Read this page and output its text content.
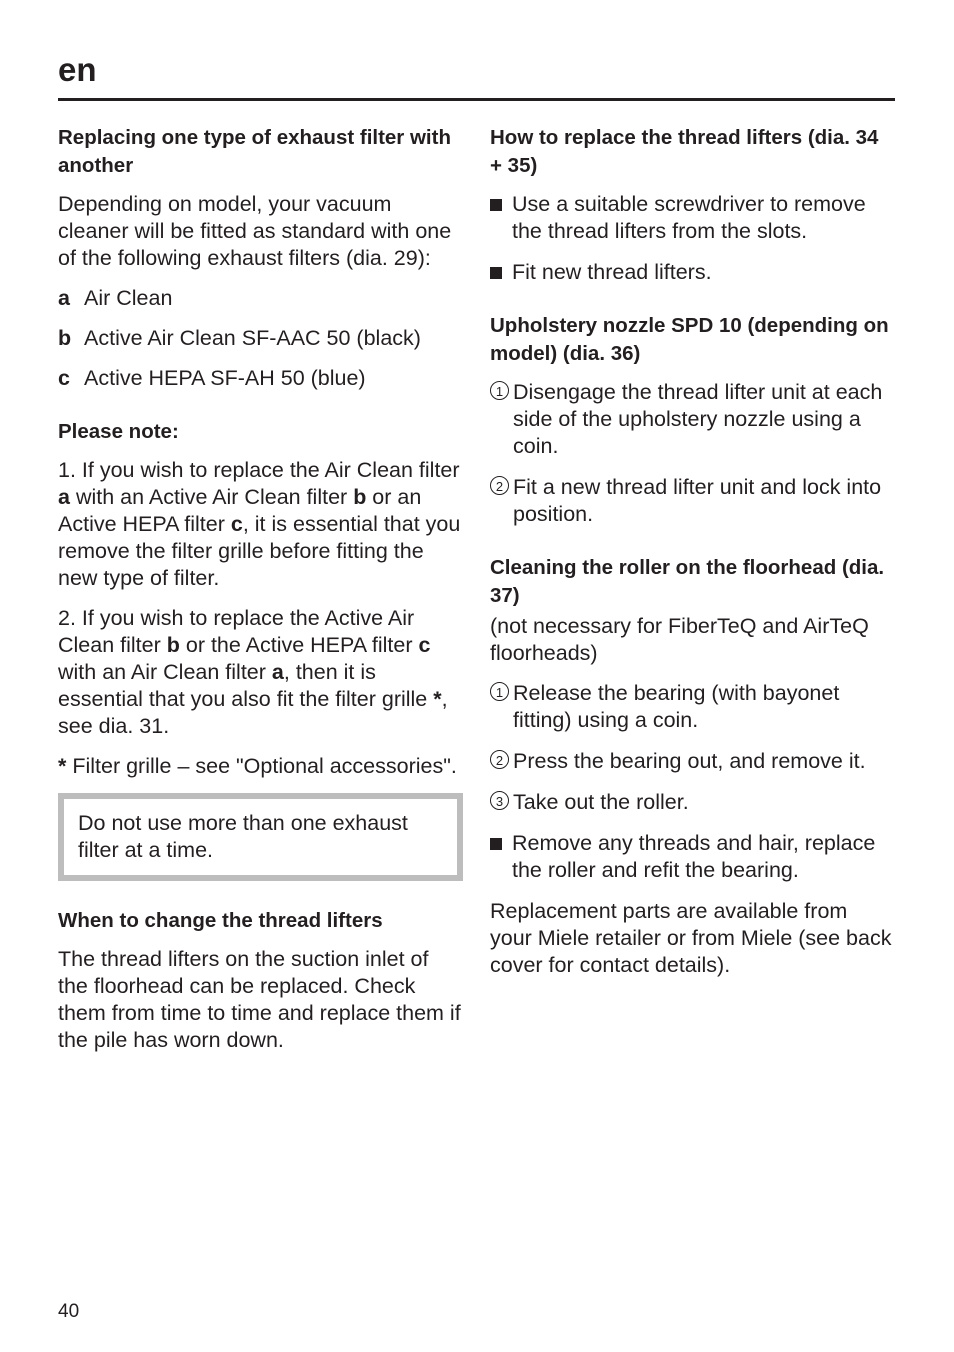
en

Replacing one type of exhaust filter with another

Depending on model, your vacuum cleaner will be fitted as standard with one of the following exhaust filters (dia. 29):

a Air Clean
b Active Air Clean SF-AAC 50 (black)
c Active HEPA SF-AH 50 (blue)

Please note:

1. If you wish to replace the Air Clean filter a with an Active Air Clean filter b or an Active HEPA filter c, it is essential that you remove the filter grille before fitting the new type of filter.

2. If you wish to replace the Active Air Clean filter b or the Active HEPA filter c with an Air Clean filter a, then it is essential that you also fit the filter grille *, see dia. 31.

* Filter grille – see "Optional accessories".

Do not use more than one exhaust filter at a time.

When to change the thread lifters

The thread lifters on the suction inlet of the floorhead can be replaced. Check them from time to time and replace them if the pile has worn down.

How to replace the thread lifters (dia. 34 + 35)

Use a suitable screwdriver to remove the thread lifters from the slots.
Fit new thread lifters.

Upholstery nozzle SPD 10 (depending on model) (dia. 36)

1 Disengage the thread lifter unit at each side of the upholstery nozzle using a coin.
2 Fit a new thread lifter unit and lock into position.

Cleaning the roller on the floorhead (dia. 37)

(not necessary for FiberTeQ and AirTeQ floorheads)

1 Release the bearing (with bayonet fitting) using a coin.
2 Press the bearing out, and remove it.
3 Take out the roller.
Remove any threads and hair, replace the roller and refit the bearing.

Replacement parts are available from your Miele retailer or from Miele (see back cover for contact details).

40
